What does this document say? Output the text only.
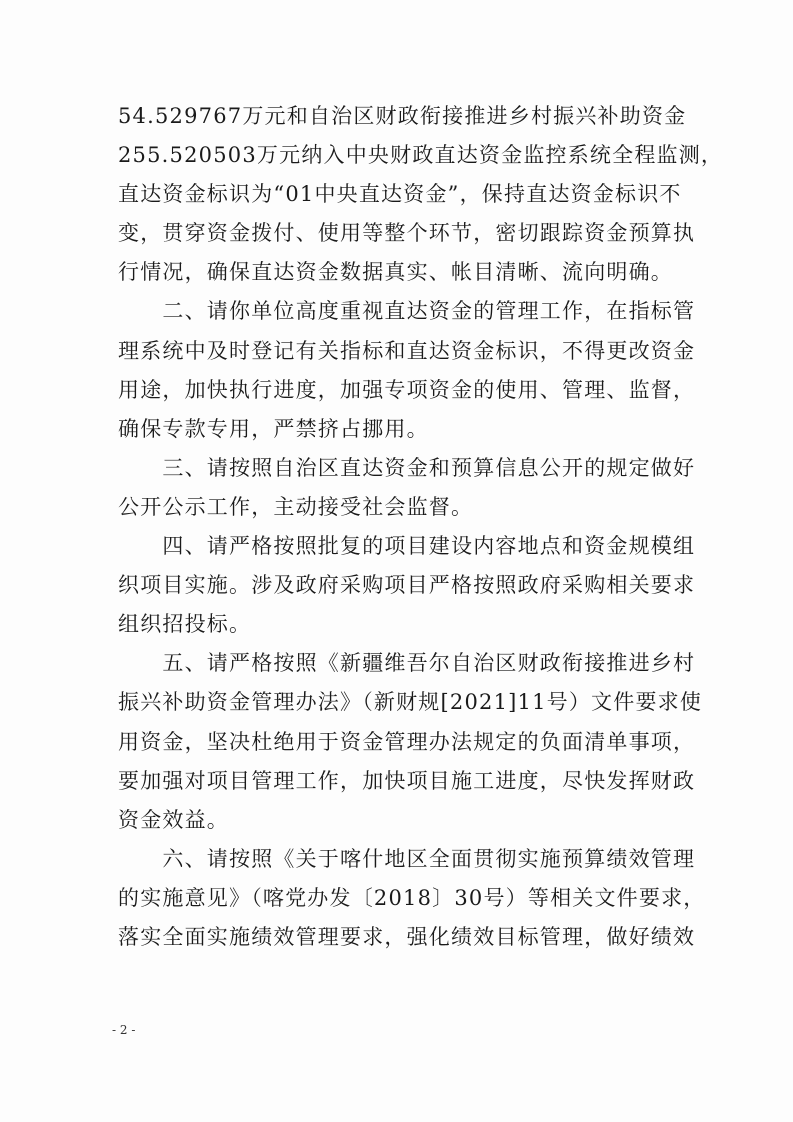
54.529767万元和自治区财政衔接推进乡村振兴补助资金
255.520503万元纳入中央财政直达资金监控系统全程监测，
直达资金标识为“01中央直达资金”，保持直达资金标识不
变，贯穿资金拨付、使用等整个环节，密切跟踪资金预算执
行情况，确保直达资金数据真实、帐目清晰、流向明确。
　　二、请你单位高度重视直达资金的管理工作，在指标管
理系统中及时登记有关指标和直达资金标识，不得更改资金
用途，加快执行进度，加强专项资金的使用、管理、监督，
确保专款专用，严禁挤占挪用。
　　三、请按照自治区直达资金和预算信息公开的规定做好
公开公示工作，主动接受社会监督。
　　四、请严格按照批复的项目建设内容地点和资金规模组
织项目实施。涉及政府采购项目严格按照政府采购相关要求
组织招投标。
　　五、请严格按照《新疆维吾尔自治区财政衔接推进乡村
振兴补助资金管理办法》（新财规[2021]11号）文件要求使
用资金，坚决杜绝用于资金管理办法规定的负面清单事项，
要加强对项目管理工作，加快项目施工进度，尽快发挥财政
资金效益。
　　六、请按照《关于喀什地区全面贯彻实施预算绩效管理
的实施意见》（喀党办发〔2018〕30号）等相关文件要求，
落实全面实施绩效管理要求，强化绩效目标管理，做好绩效
- 2 -
